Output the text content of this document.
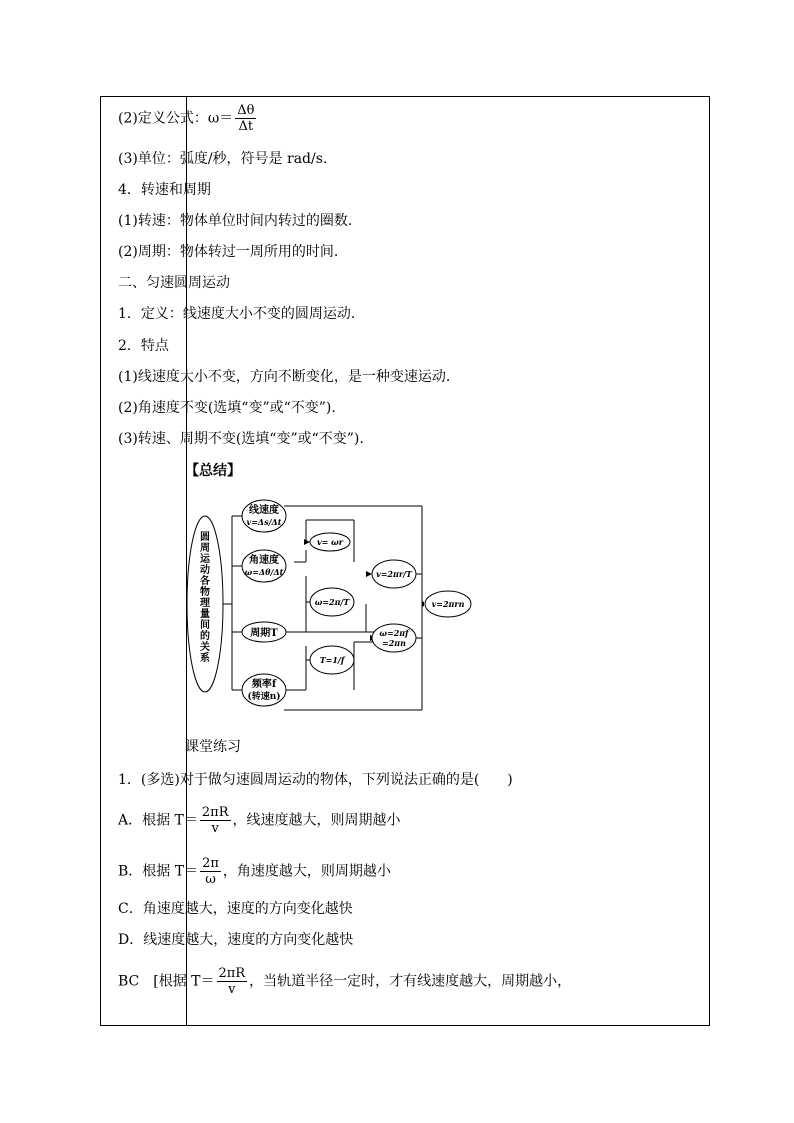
(2)定义公式：$\omega= \frac{\Delta\theta}{\Delta t}$
(3)单位：弧度/秒，符号是 rad/s.
4．转速和周期
(1)转速：物体单位时间内转过的圈数.
(2)周期：物体转过一周所用的时间.
二、匀速圆周运动
1．定义：线速度大小不变的圆周运动.
2．特点
(1)线速度大小不变，方向不断变化，是一种变速运动.
(2)角速度不变(选填“变”或“不变”).
(3)转速、周期不变(选填“变”或“不变”).
【总结】
圆
周
运
动
各
物
理
量
间
的
关
系
线速度
v=Δs/Δt
角速度
ω=Δθ/Δt
周期T
频率f
(转速n)
v= ωr
ω=2π/T
T=1/f
v=2πr/T
ω=2πf
=2πn
v=2πrn
课堂练习
1．(多选)对于做匀速圆周运动的物体，下列说法正确的是(　　)
A．根据 $T= \frac{2\pi R}{v}$ ，线速度越大，则周期越小
B．根据 $T= \frac{2\pi}{\omega}$ ，角速度越大，则周期越小
C．角速度越大，速度的方向变化越快
D．线速度越大，速度的方向变化越快
BC　[根据 $T= \frac{2\pi R}{v}$ ，当轨道半径一定时，才有线速度越大，周期越小，
